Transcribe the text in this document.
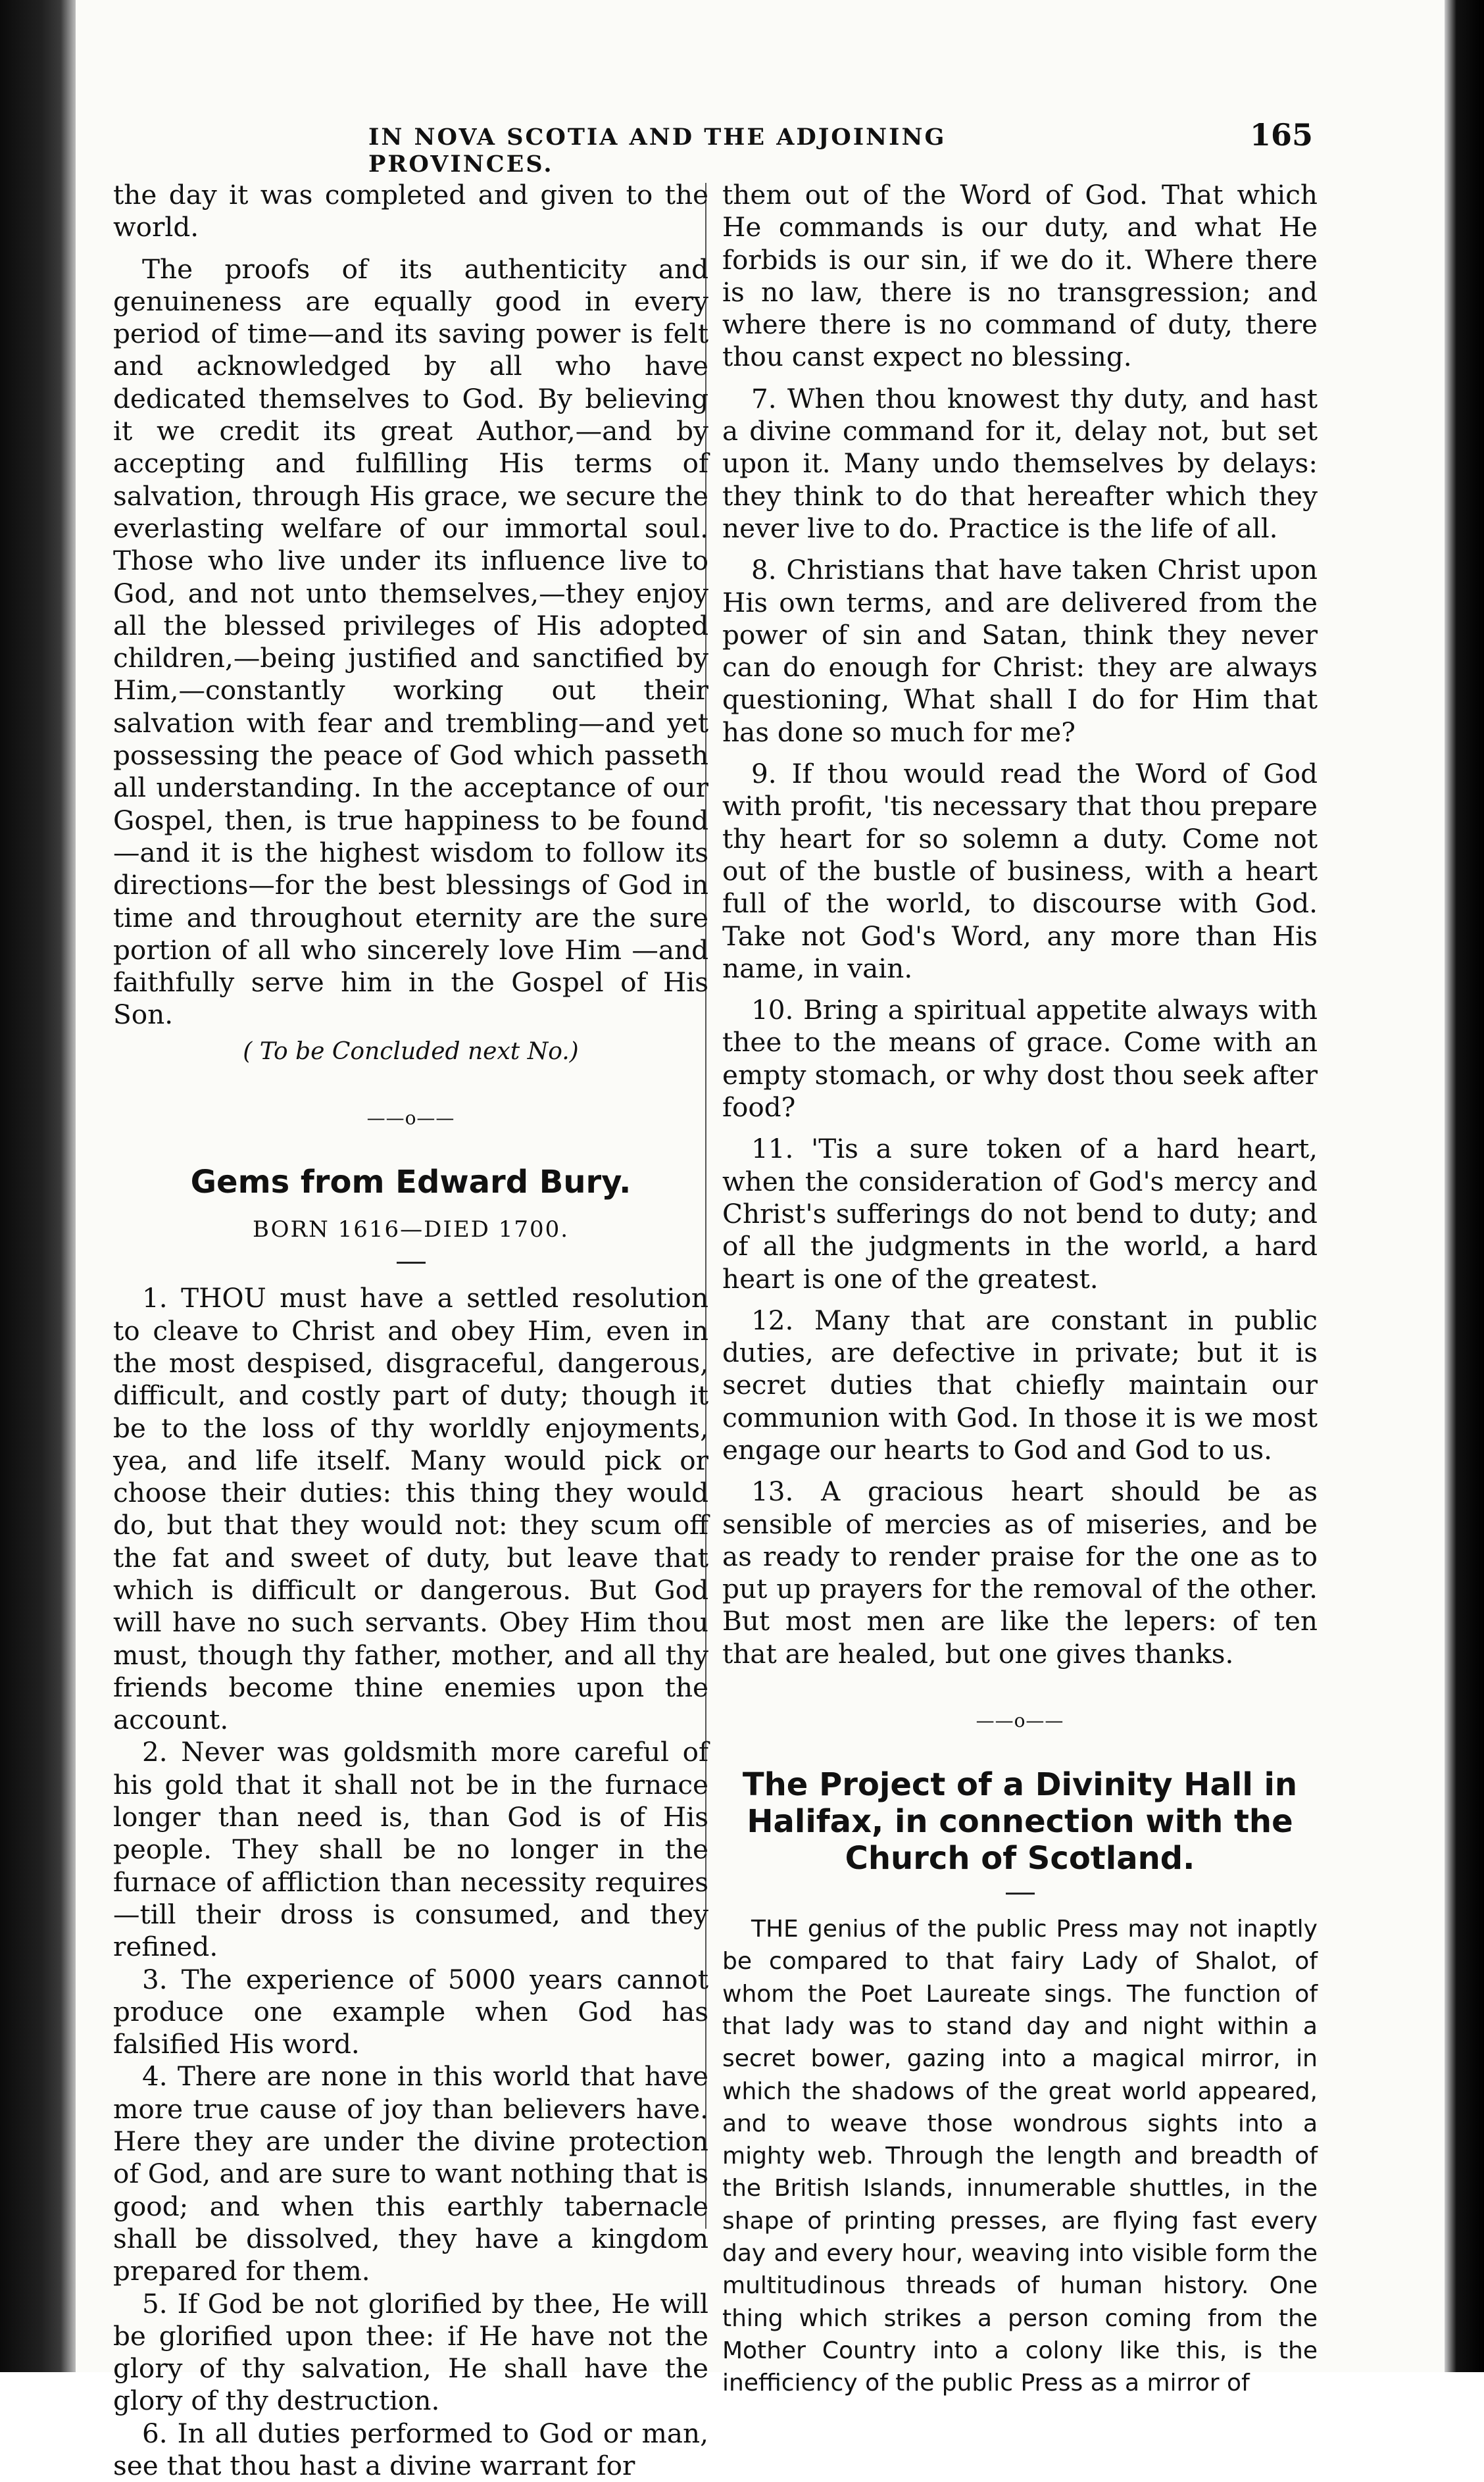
IN NOVA SCOTIA AND THE ADJOINING PROVINCES.
165

the day it was completed and given to the world.

The proofs of its authenticity and genuineness are equally good in every period of time—and its saving power is felt and acknowledged by all who have dedicated themselves to God. By believing it we credit its great Author,—and by accepting and fulfilling His terms of salvation, through His grace, we secure the everlasting welfare of our immortal soul. Those who live under its influence live to God, and not unto themselves,—they enjoy all the blessed privileges of His adopted children,—being justified and sanctified by Him,—constantly working out their salvation with fear and trembling—and yet possessing the peace of God which passeth all understanding. In the acceptance of our Gospel, then, is true happiness to be found —and it is the highest wisdom to follow its directions—for the best blessings of God in time and throughout eternity are the sure portion of all who sincerely love Him —and faithfully serve him in the Gospel of His Son.

( To be Concluded next No.)

——o——
Gems from Edward Bury.
BORN 1616—DIED 1700.

1. THOU must have a settled resolution to cleave to Christ and obey Him, even in the most despised, disgraceful, dangerous, difficult, and costly part of duty; though it be to the loss of thy worldly enjoyments, yea, and life itself. Many would pick or choose their duties: this thing they would do, but that they would not: they scum off the fat and sweet of duty, but leave that which is difficult or dangerous. But God will have no such servants. Obey Him thou must, though thy father, mother, and all thy friends become thine enemies upon the account.

2. Never was goldsmith more careful of his gold that it shall not be in the furnace longer than need is, than God is of His people. They shall be no longer in the furnace of affliction than necessity requires—till their dross is consumed, and they refined.

3. The experience of 5000 years cannot produce one example when God has falsified His word.

4. There are none in this world that have more true cause of joy than believers have. Here they are under the divine protection of God, and are sure to want nothing that is good; and when this earthly tabernacle shall be dissolved, they have a kingdom prepared for them.

5. If God be not glorified by thee, He will be glorified upon thee: if He have not the glory of thy salvation, He shall have the glory of thy destruction.

6. In all duties performed to God or man, see that thou hast a divine warrant for

them out of the Word of God. That which He commands is our duty, and what He forbids is our sin, if we do it. Where there is no law, there is no transgression; and where there is no command of duty, there thou canst expect no blessing.

7. When thou knowest thy duty, and hast a divine command for it, delay not, but set upon it. Many undo themselves by delays: they think to do that hereafter which they never live to do. Practice is the life of all.

8. Christians that have taken Christ upon His own terms, and are delivered from the power of sin and Satan, think they never can do enough for Christ: they are always questioning, What shall I do for Him that has done so much for me?

9. If thou would read the Word of God with profit, 'tis necessary that thou prepare thy heart for so solemn a duty. Come not out of the bustle of business, with a heart full of the world, to discourse with God. Take not God's Word, any more than His name, in vain.

10. Bring a spiritual appetite always with thee to the means of grace. Come with an empty stomach, or why dost thou seek after food?

11. 'Tis a sure token of a hard heart, when the consideration of God's mercy and Christ's sufferings do not bend to duty; and of all the judgments in the world, a hard heart is one of the greatest.

12. Many that are constant in public duties, are defective in private; but it is secret duties that chiefly maintain our communion with God. In those it is we most engage our hearts to God and God to us.

13. A gracious heart should be as sensible of mercies as of miseries, and be as ready to render praise for the one as to put up prayers for the removal of the other. But most men are like the lepers: of ten that are healed, but one gives thanks.

——o——
The Project of a Divinity Hall in Halifax, in connection with the Church of Scotland.

THE genius of the public Press may not inaptly be compared to that fairy Lady of Shalot, of whom the Poet Laureate sings. The function of that lady was to stand day and night within a secret bower, gazing into a magical mirror, in which the shadows of the great world appeared, and to weave those wondrous sights into a mighty web. Through the length and breadth of the British Islands, innumerable shuttles, in the shape of printing presses, are flying fast every day and every hour, weaving into visible form the multitudinous threads of human history. One thing which strikes a person coming from the Mother Country into a colony like this, is the inefficiency of the public Press as a mirror of
